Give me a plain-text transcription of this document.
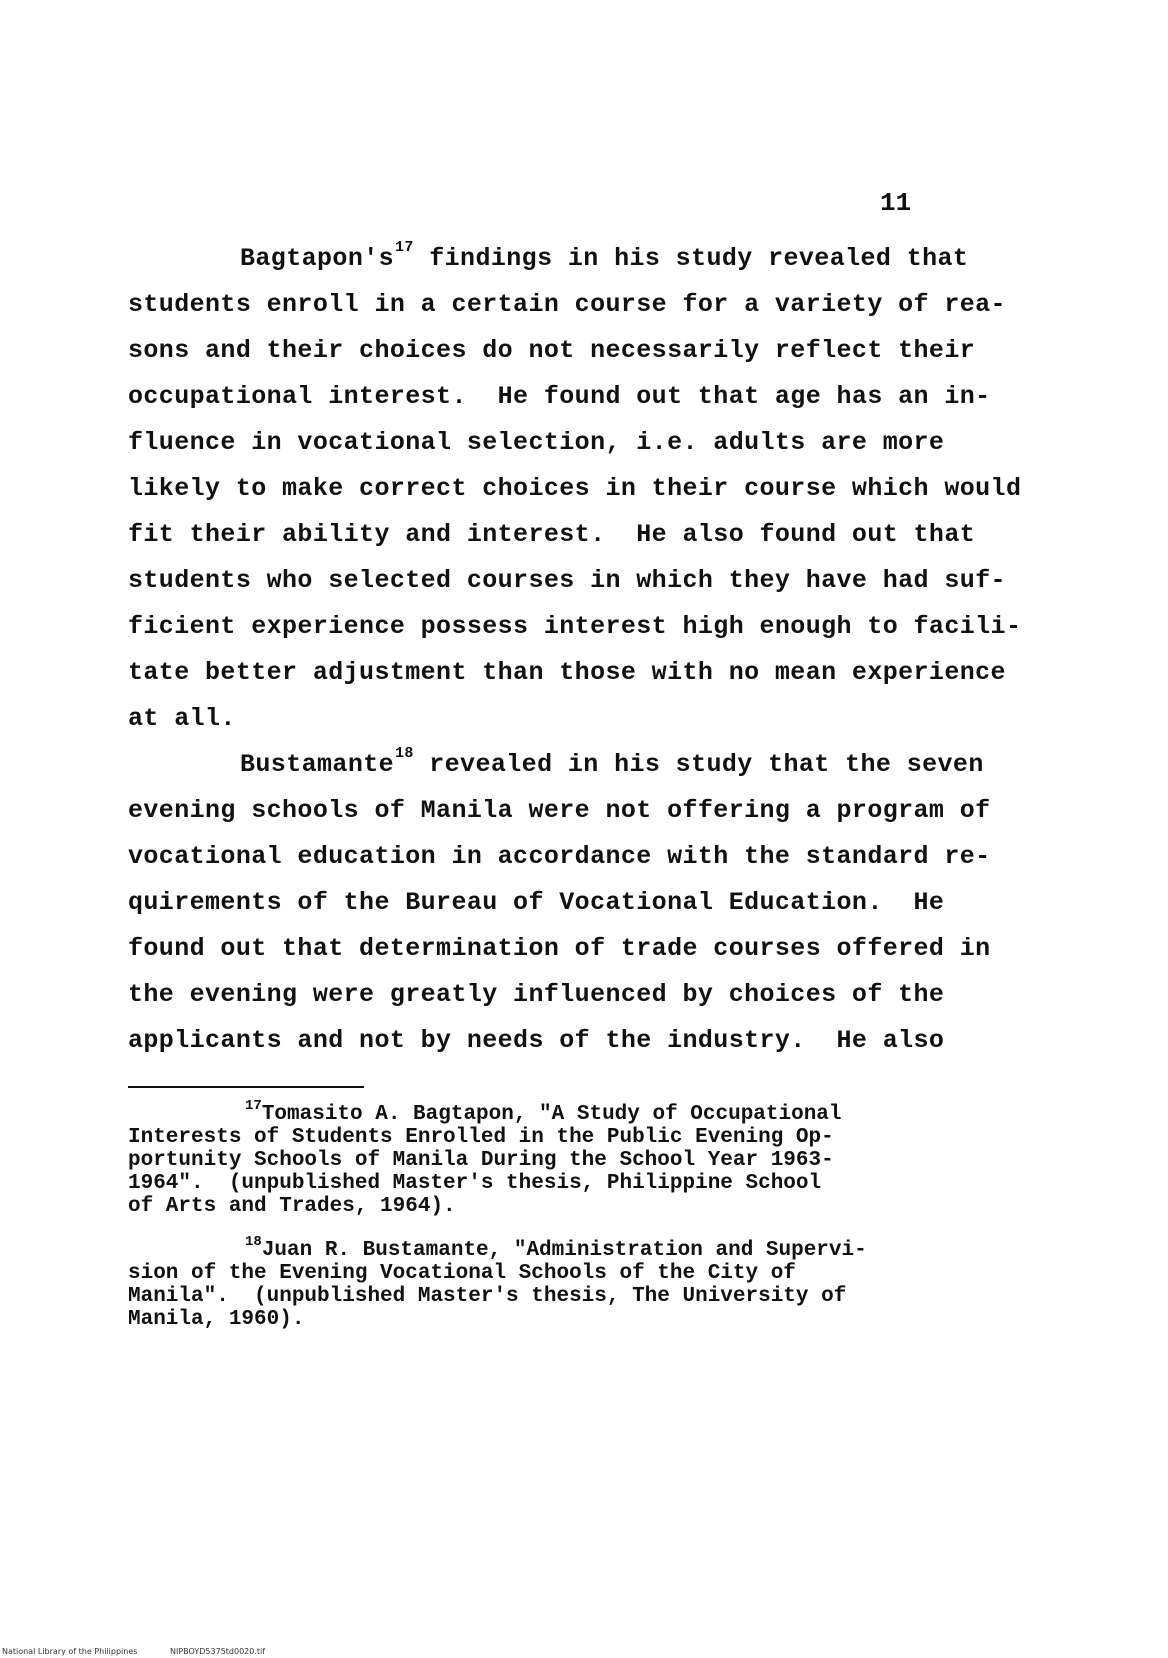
11
Bagtapon's$^{17}$ findings in his study revealed that
students enroll in a certain course for a variety of rea-
sons and their choices do not necessarily reflect their
occupational interest.  He found out that age has an in-
fluence in vocational selection, i.e. adults are more
likely to make correct choices in their course which would
fit their ability and interest.  He also found out that
students who selected courses in which they have had suf-
ficient experience possess interest high enough to facili-
tate better adjustment than those with no mean experience
at all.
Bustamante$^{18}$ revealed in his study that the seven
evening schools of Manila were not offering a program of
vocational education in accordance with the standard re-
quirements of the Bureau of Vocational Education.  He
found out that determination of trade courses offered in
the evening were greatly influenced by choices of the
applicants and not by needs of the industry.  He also
$^{17}$Tomasito A. Bagtapon, "A Study of Occupational
Interests of Students Enrolled in the Public Evening Op-
portunity Schools of Manila During the School Year 1963-
1964".  (unpublished Master's thesis, Philippine School
of Arts and Trades, 1964).
$^{18}$Juan R. Bustamante, "Administration and Supervi-
sion of the Evening Vocational Schools of the City of
Manila".  (unpublished Master's thesis, The University of
Manila, 1960).
National Library of the Philippines	NIPBOYD5375td0020.tif
